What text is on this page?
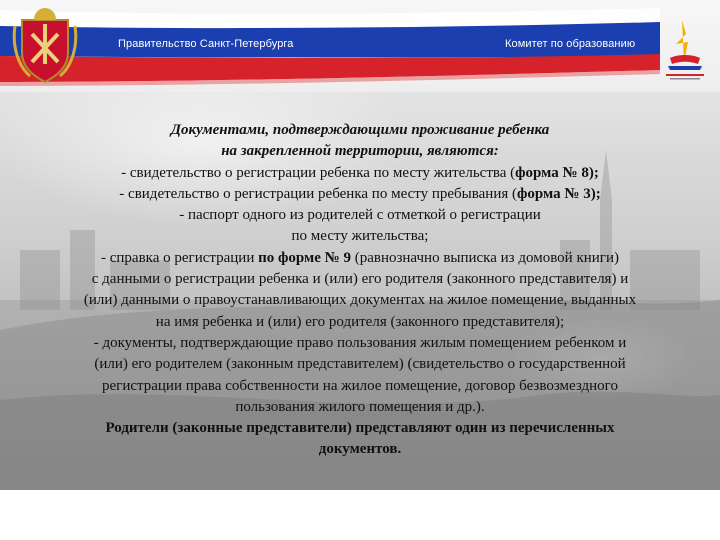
Правительство Санкт-Петербурга	Комитет по образованию

Документами, подтверждающими проживание ребенка

на закрепленной территории, являются:

- свидетельство о регистрации ребенка по месту жительства (форма № 8);

- свидетельство о регистрации ребенка по месту пребывания (форма № 3);

- паспорт одного из родителей с отметкой о регистрации

по месту жительства;

- справка о регистрации по форме № 9 (равнозначно выписка из домовой книги)

с данными о регистрации ребенка и (или) его родителя (законного представителя) и

(или) данными о правоустанавливающих документах на жилое помещение, выданных

на имя ребенка и (или) его родителя (законного представителя);

- документы, подтверждающие право пользования жилым помещением ребенком и

(или) его родителем (законным представителем) (свидетельство о государственной

регистрации права собственности на жилое помещение, договор безвозмездного

пользования жилого помещения и др.).

Родители (законные представители) представляют один из перечисленных

документов.
